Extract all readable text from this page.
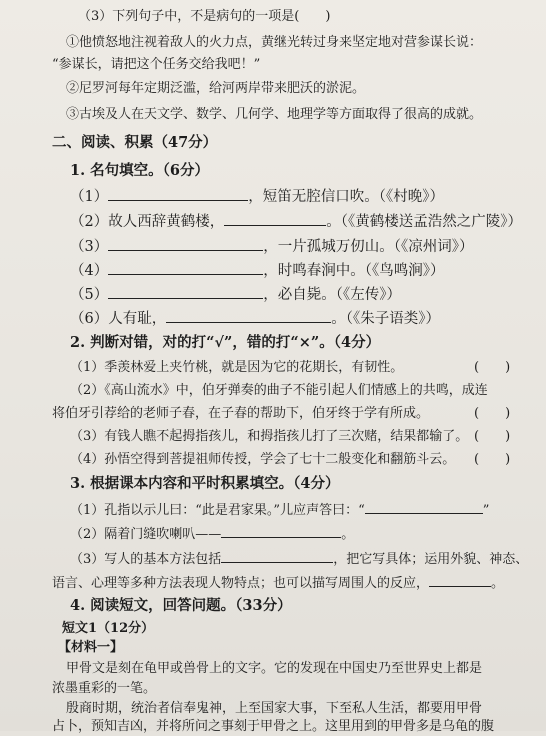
（3）下列句子中，不是病句的一项是(　　)
①他愤怒地注视着敌人的火力点，黄继光转过身来坚定地对营参谋长说：
“参谋长，请把这个任务交给我吧！”
②尼罗河每年定期泛滥，给河两岸带来肥沃的淤泥。
③古埃及人在天文学、数学、几何学、地理学等方面取得了很高的成就。
二、阅读、积累（47分）
1. 名句填空。（6分）
（1）	，短笛无腔信口吹。（《村晚》）
（2）故人西辞黄鹤楼，	。（《黄鹤楼送孟浩然之广陵》）
（3）	，一片孤城万仞山。（《凉州词》）
（4）	，时鸣春涧中。（《鸟鸣涧》）
（5）	，必自毙。（《左传》）
（6）人有耻，	。（《朱子语类》）
2. 判断对错，对的打“√”，错的打“×”。（4分）
（1）季羡林爱上夹竹桃，就是因为它的花期长，有韧性。	(　　)
（2）《高山流水》中，伯牙弹奏的曲子不能引起人们情感上的共鸣，成连
将伯牙引荐给的老师子春，在子春的帮助下，伯牙终于学有所成。	(　　)
（3）有钱人瞧不起拇指孩儿，和拇指孩儿打了三次赌，结果都输了。 (　　)
（4）孙悟空得到菩提祖师传授，学会了七十二般变化和翻筋斗云。 (　　)
3. 根据课本内容和平时积累填空。（4分）
（1）孔指以示儿曰：“此是君家果。”儿应声答曰：“	”
（2）隔着门缝吹喇叭——	。
（3）写人的基本方法包括	，把它写具体；运用外貌、神态、
语言、心理等多种方法表现人物特点；也可以描写周围人的反应，	。
4. 阅读短文，回答问题。（33分）
短文1（12分）
【材料一】
甲骨文是刻在龟甲或兽骨上的文字。它的发现在中国史乃至世界史上都是
浓墨重彩的一笔。
殷商时期，统治者信奉鬼神，上至国家大事，下至私人生活，都要用甲骨
占卜，预知吉凶，并将所问之事刻于甲骨之上。这里用到的甲骨多是乌龟的腹
